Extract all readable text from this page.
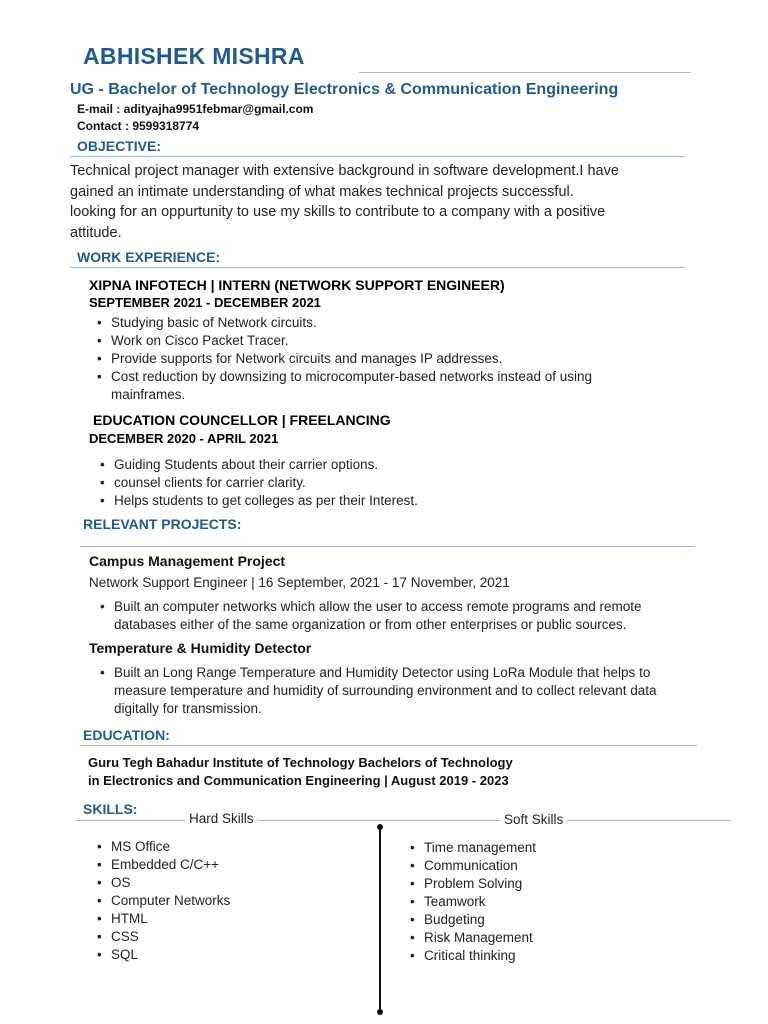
ABHISHEK MISHRA
UG - Bachelor of Technology Electronics & Communication Engineering
E-mail : adityajha9951febmar@gmail.com
Contact : 9599318774
OBJECTIVE:
Technical project manager with extensive background in software development.I have
gained an intimate understanding of what makes technical projects successful.
looking for an oppurtunity to use my skills to contribute to a company with a positive
attitude.
WORK EXPERIENCE:
XIPNA INFOTECH | INTERN (NETWORK SUPPORT ENGINEER)
SEPTEMBER 2021 - DECEMBER 2021
• Studying basic of Network circuits.
• Work on Cisco Packet Tracer.
• Provide supports for Network circuits and manages IP addresses.
• Cost reduction by downsizing to microcomputer-based networks instead of using mainframes.
EDUCATION COUNCELLOR | FREELANCING
DECEMBER 2020 - APRIL 2021
• Guiding Students about their carrier options.
• counsel clients for carrier clarity.
• Helps students to get colleges as per their Interest.
RELEVANT PROJECTS:
Campus Management Project
Network Support Engineer | 16 September, 2021 - 17 November, 2021
• Built an computer networks which allow the user to access remote programs and remote databases either of the same organization or from other enterprises or public sources.
Temperature & Humidity Detector
• Built an Long Range Temperature and Humidity Detector using LoRa Module that helps to measure temperature and humidity of surrounding environment and to collect relevant data digitally for transmission.
EDUCATION:
Guru Tegh Bahadur Institute of Technology Bachelors of Technology
in Electronics and Communication Engineering | August 2019 - 2023
SKILLS:
Hard Skills	Soft Skills
• MS Office
• Embedded C/C++
• OS
• Computer Networks
• HTML
• CSS
• SQL
• Time management
• Communication
• Problem Solving
• Teamwork
• Budgeting
• Risk Management
• Critical thinking
